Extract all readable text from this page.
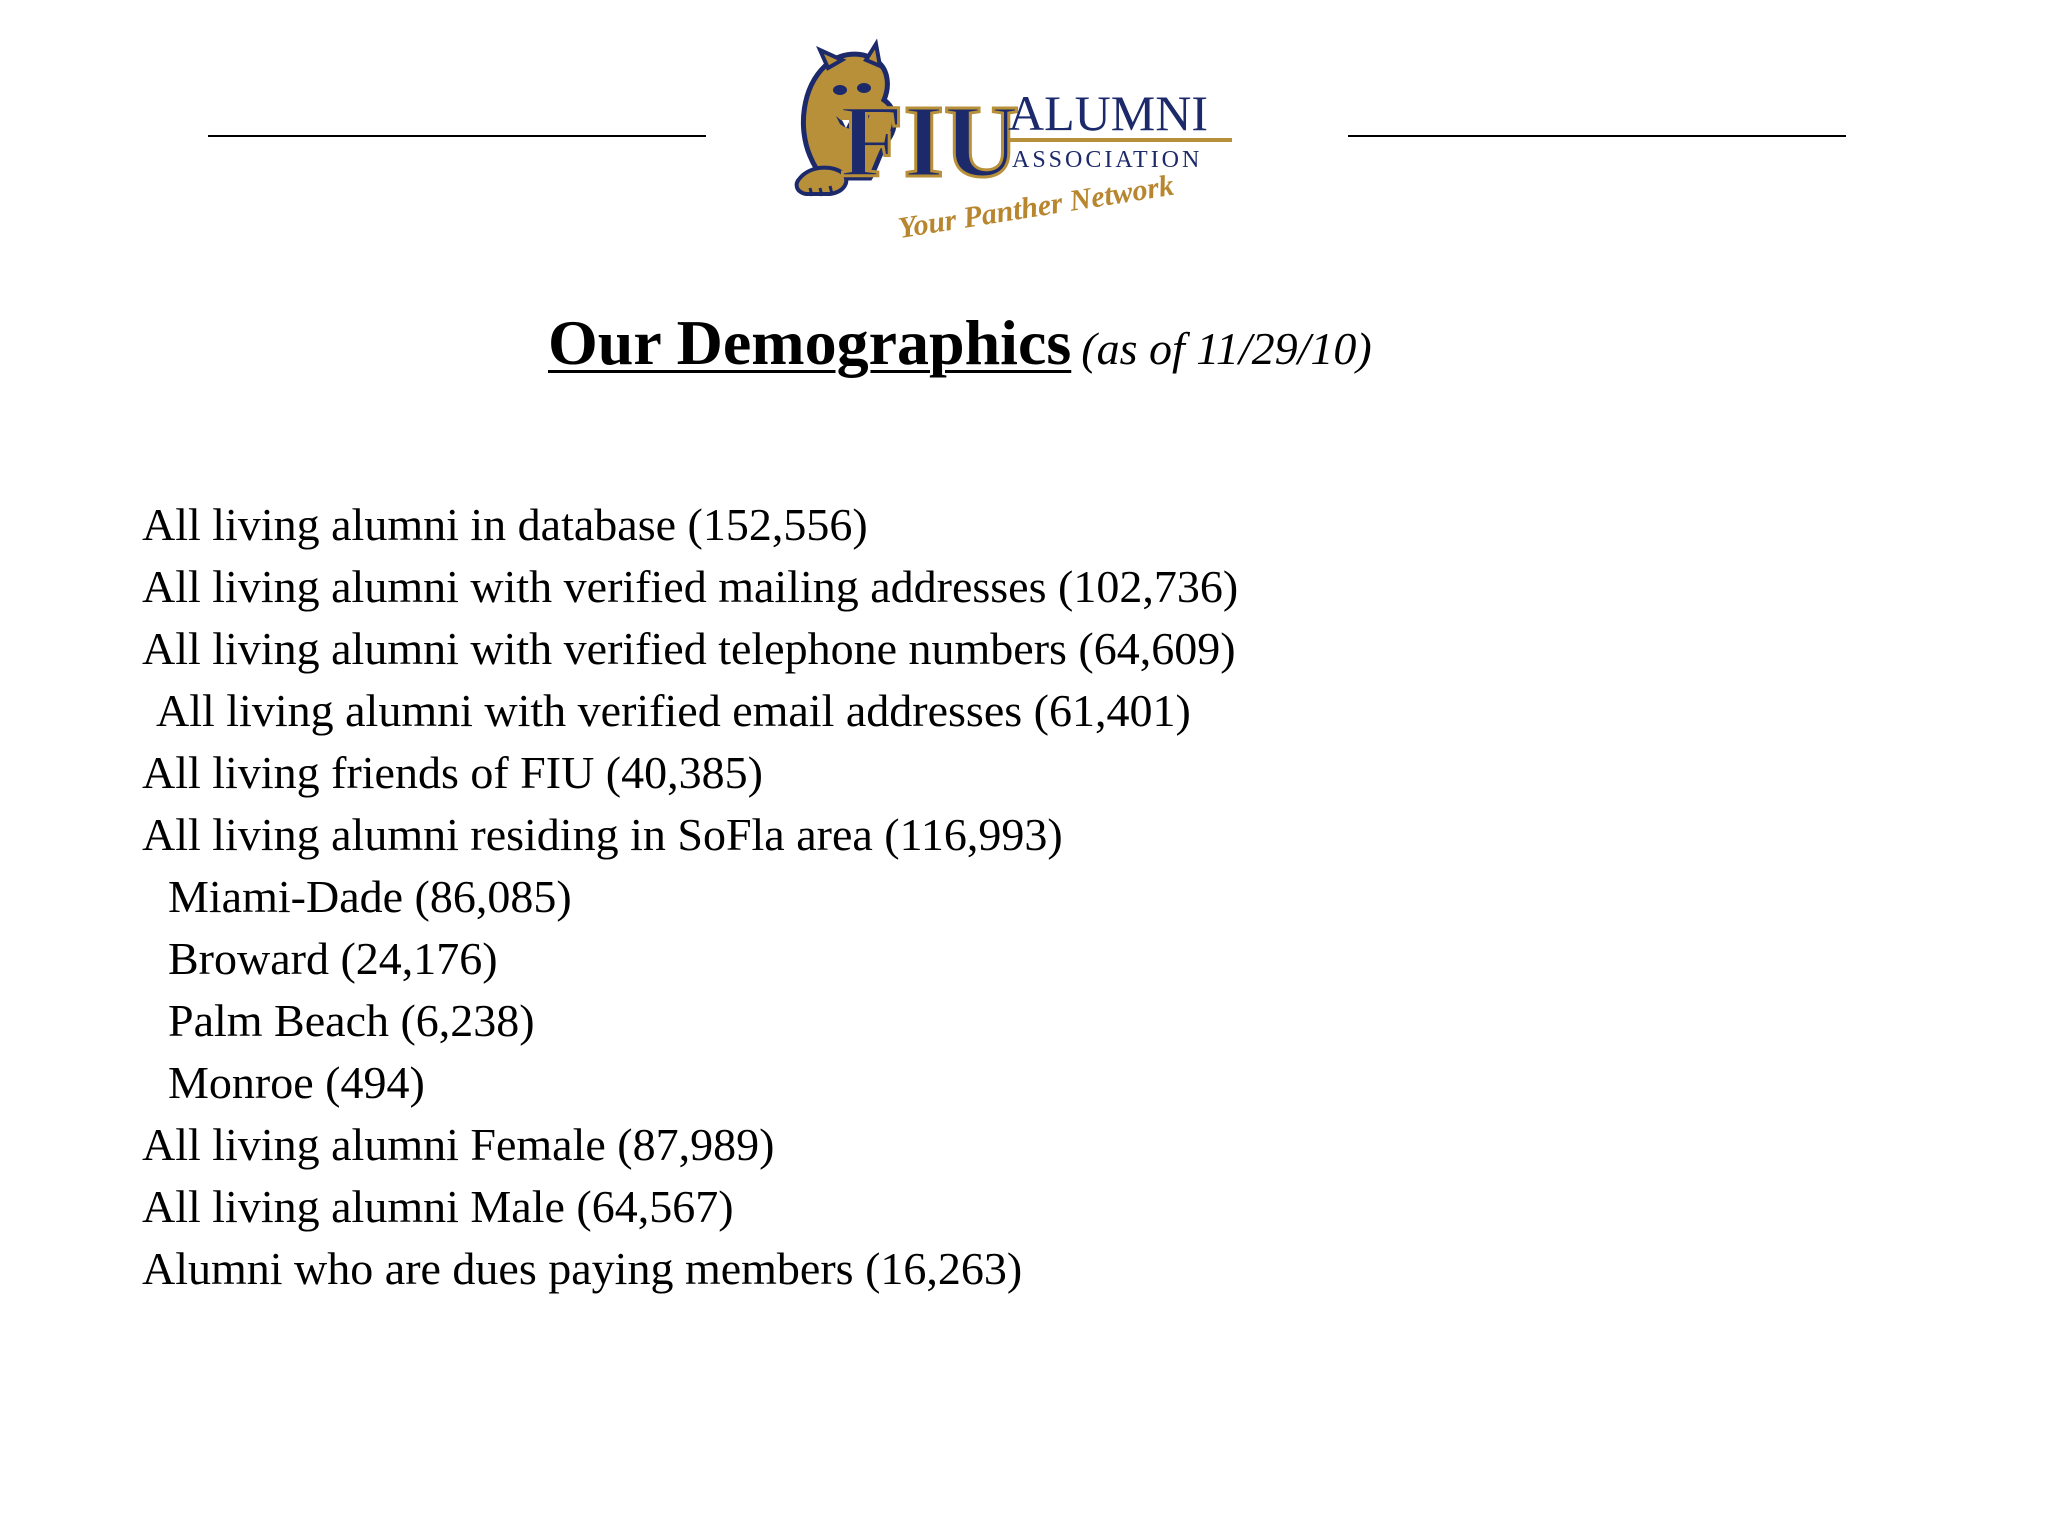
FIU
ALUMNI
ASSOCIATION
Your Panther Network
Our Demographics (as of 11/29/10)
All living alumni in database (152,556)
All living alumni with verified mailing addresses (102,736)
All living alumni with verified telephone numbers (64,609)
All living alumni with verified email addresses (61,401)
All living friends of FIU (40,385)
All living alumni residing in SoFla area (116,993)
Miami-Dade (86,085)
Broward (24,176)
Palm Beach (6,238)
Monroe (494)
All living alumni Female (87,989)
All living alumni Male (64,567)
Alumni who are dues paying members (16,263)
